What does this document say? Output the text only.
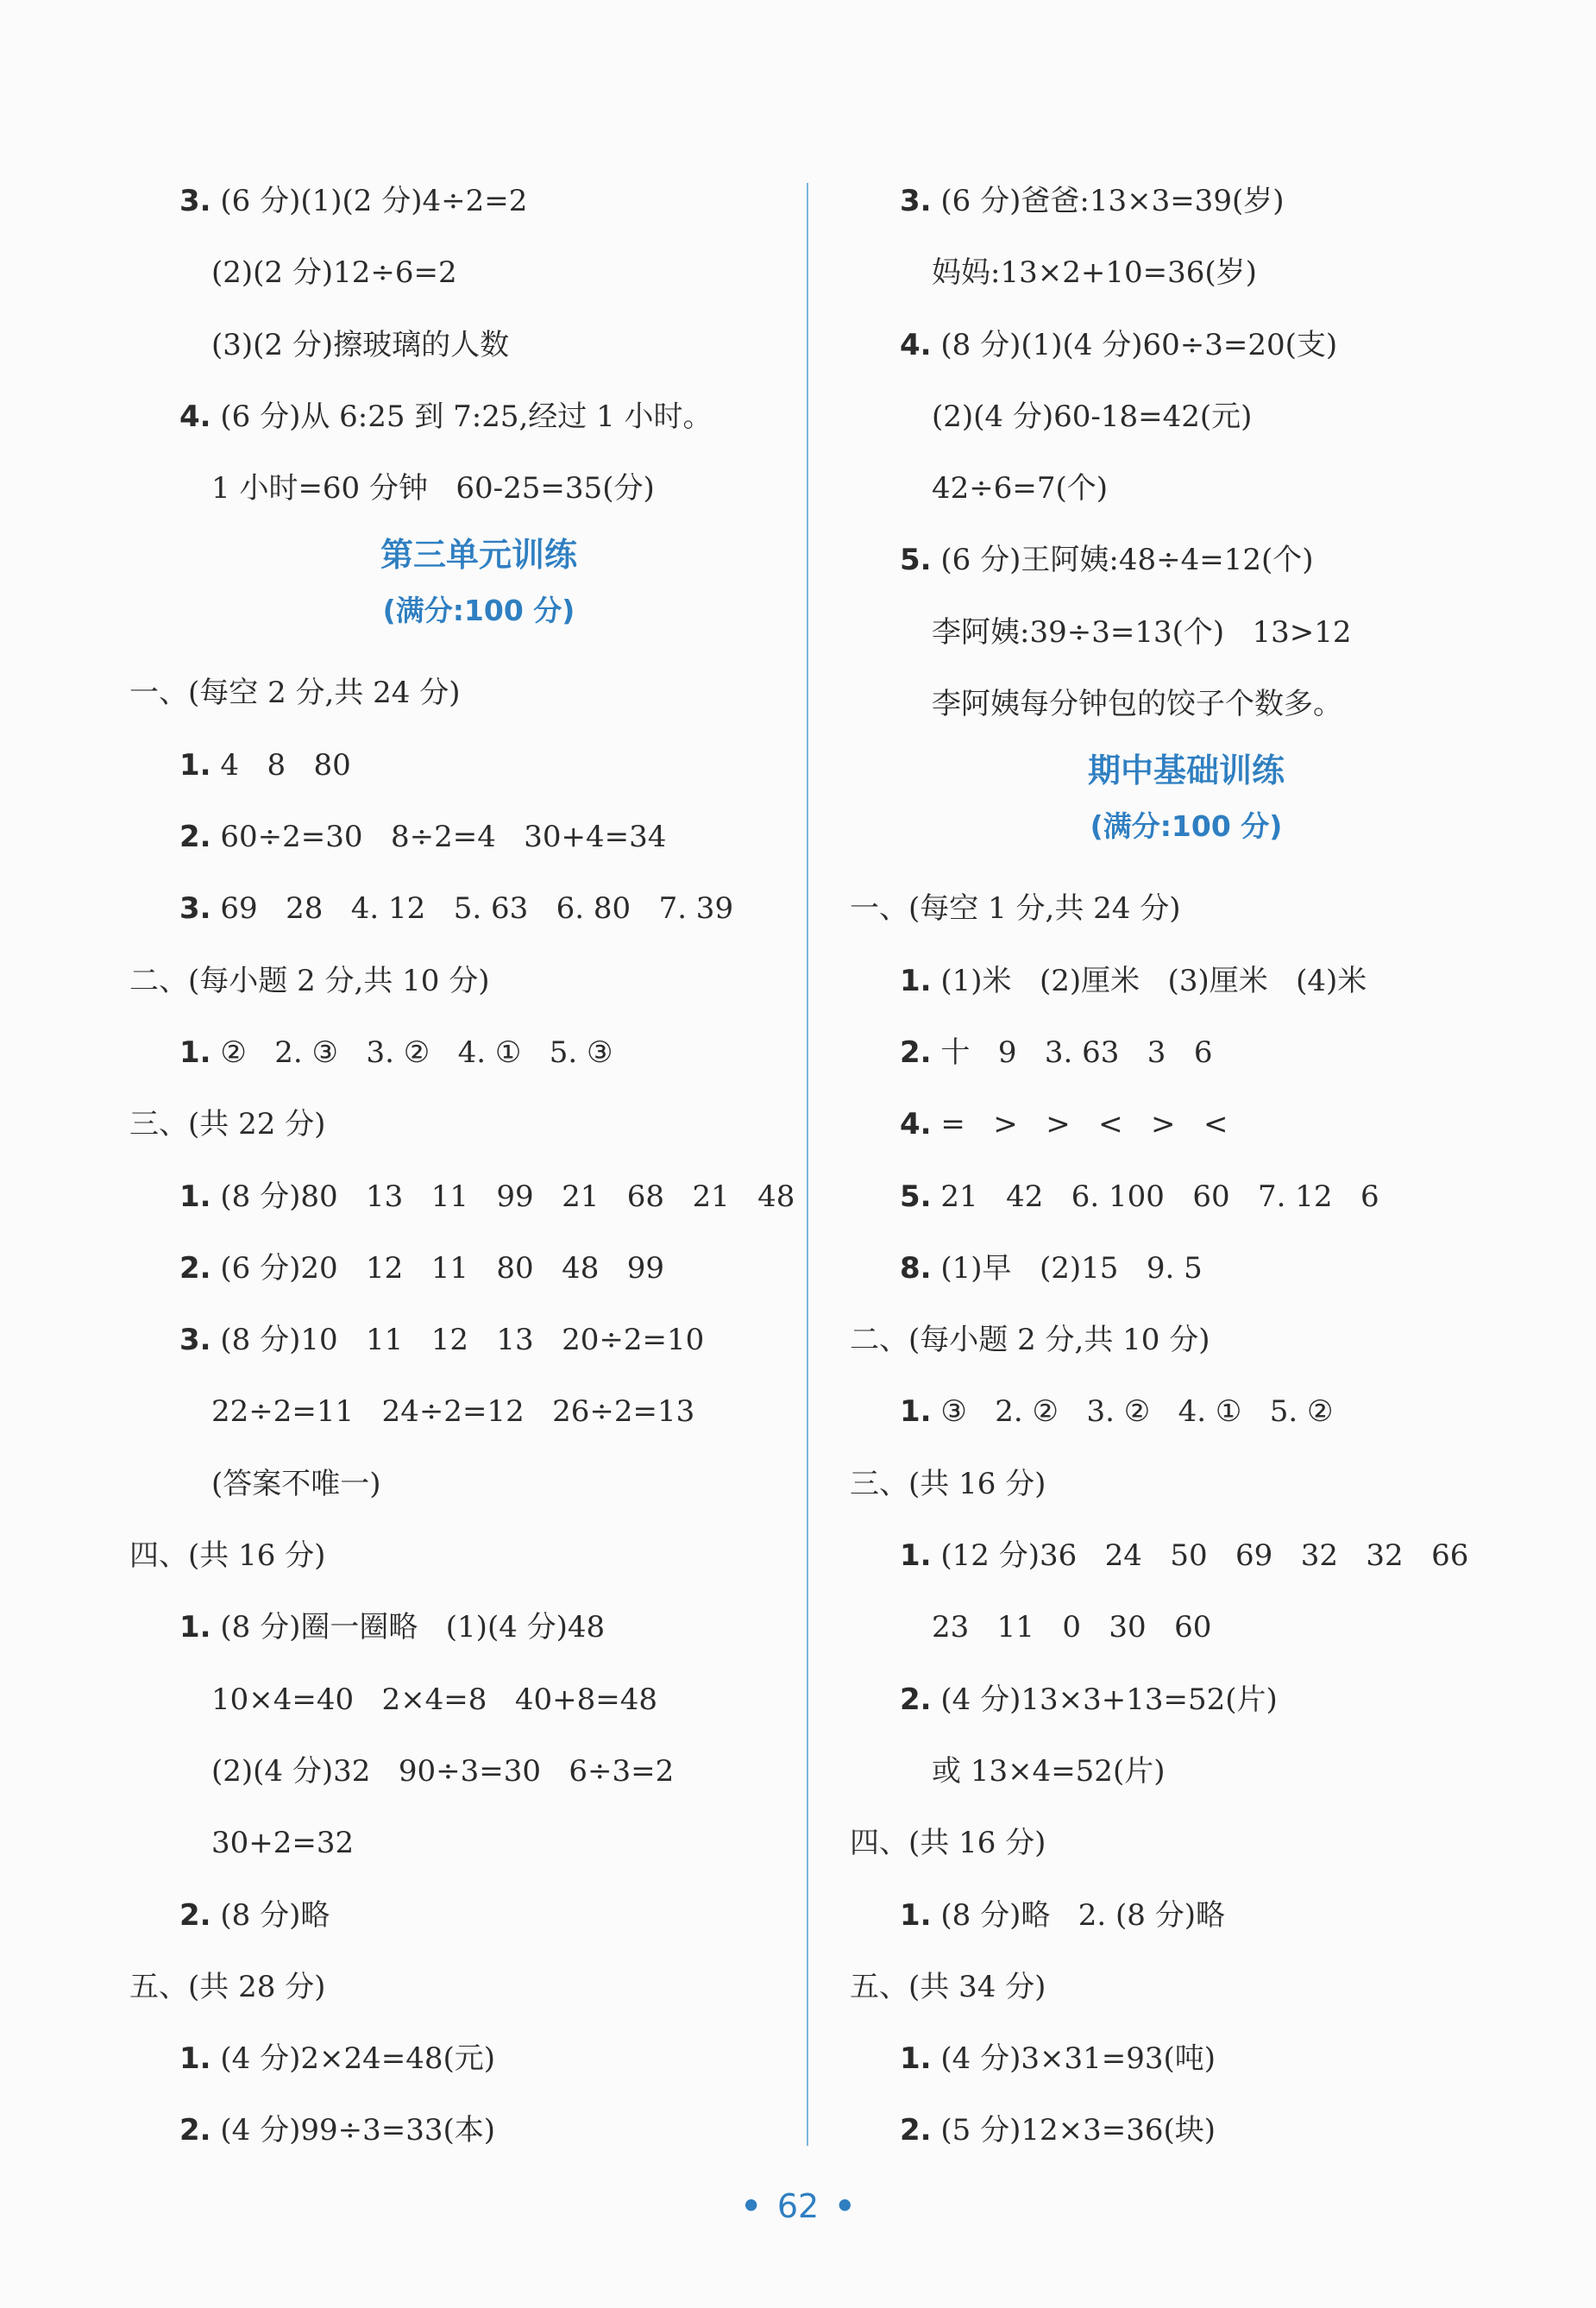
3. (6 分)(1)(2 分)4÷2=2
(2)(2 分)12÷6=2
(3)(2 分)擦玻璃的人数
4. (6 分)从 6:25 到 7:25,经过 1 小时。
1 小时=60 分钟   60-25=35(分)
第三单元训练
(满分:100 分)
一、(每空 2 分,共 24 分)
1. 4   8   80
2. 60÷2=30   8÷2=4   30+4=34
3. 69   28   4. 12   5. 63   6. 80   7. 39
二、(每小题 2 分,共 10 分)
1. ②   2. ③   3. ②   4. ①   5. ③
三、(共 22 分)
1. (8 分)80   13   11   99   21   68   21   48
2. (6 分)20   12   11   80   48   99
3. (8 分)10   11   12   13   20÷2=10
22÷2=11   24÷2=12   26÷2=13
(答案不唯一)
四、(共 16 分)
1. (8 分)圈一圈略   (1)(4 分)48
10×4=40   2×4=8   40+8=48
(2)(4 分)32   90÷3=30   6÷3=2
30+2=32
2. (8 分)略
五、(共 28 分)
1. (4 分)2×24=48(元)
2. (4 分)99÷3=33(本)
3. (6 分)爸爸:13×3=39(岁)
妈妈:13×2+10=36(岁)
4. (8 分)(1)(4 分)60÷3=20(支)
(2)(4 分)60-18=42(元)
42÷6=7(个)
5. (6 分)王阿姨:48÷4=12(个)
李阿姨:39÷3=13(个)   13>12
李阿姨每分钟包的饺子个数多。
期中基础训练
(满分:100 分)
一、(每空 1 分,共 24 分)
1. (1)米   (2)厘米   (3)厘米   (4)米
2. 十   9   3. 63   3   6
4. =   >   >   <   >   <
5. 21   42   6. 100   60   7. 12   6
8. (1)早   (2)15   9. 5
二、(每小题 2 分,共 10 分)
1. ③   2. ②   3. ②   4. ①   5. ②
三、(共 16 分)
1. (12 分)36   24   50   69   32   32   66
23   11   0   30   60
2. (4 分)13×3+13=52(片)
或 13×4=52(片)
四、(共 16 分)
1. (8 分)略   2. (8 分)略
五、(共 34 分)
1. (4 分)3×31=93(吨)
2. (5 分)12×3=36(块)
• 62 •
